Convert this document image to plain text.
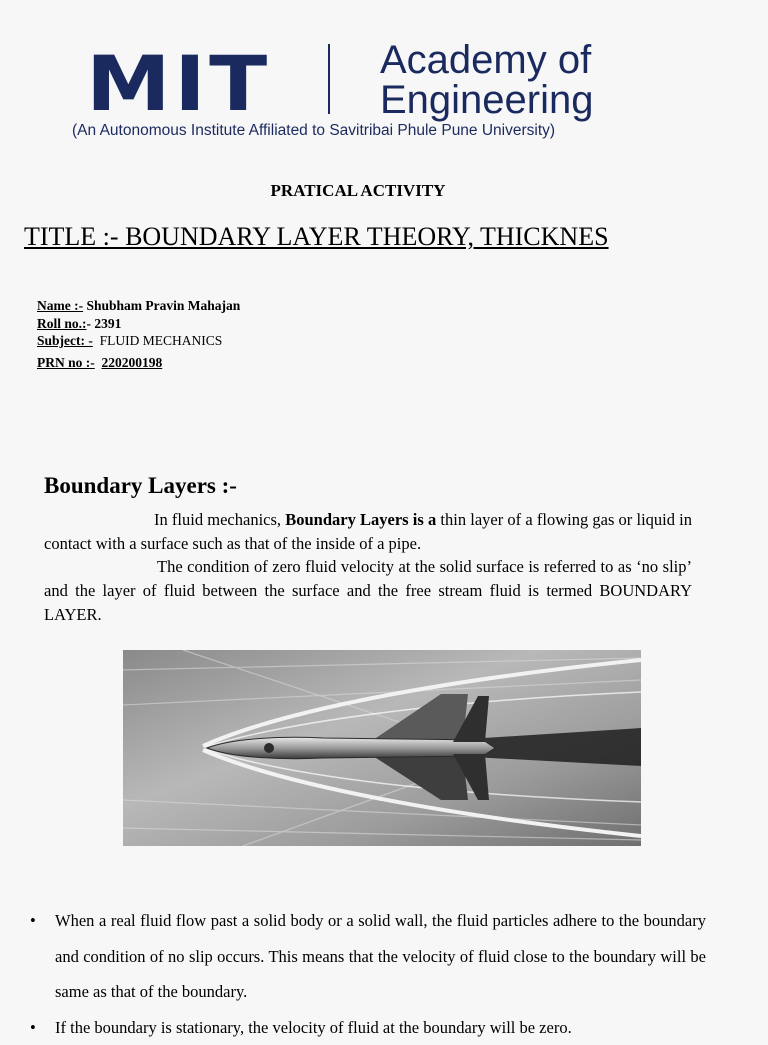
MIT	Academy of
Engineering
(An Autonomous Institute Affiliated to Savitribai Phule Pune University)
PRATICAL ACTIVITY
TITLE :- BOUNDARY LAYER THEORY, THICKNES
Name :- Shubham Pravin Mahajan
Roll no.:- 2391
Subject: -  FLUID MECHANICS
PRN no :- 220200198
Boundary Layers :-
In fluid mechanics, Boundary Layers is a thin layer of a flowing gas or liquid in contact with a surface such as that of the inside of a pipe.
The condition of zero fluid velocity at the solid surface is referred to as ‘no slip’ and the layer of fluid between the surface and the free stream fluid is termed BOUNDARY LAYER.
• When a real fluid flow past a solid body or a solid wall, the fluid particles adhere to the boundary and condition of no slip occurs. This means that the velocity of fluid close to the boundary will be same as that of the boundary.
• If the boundary is stationary, the velocity of fluid at the boundary will be zero.
